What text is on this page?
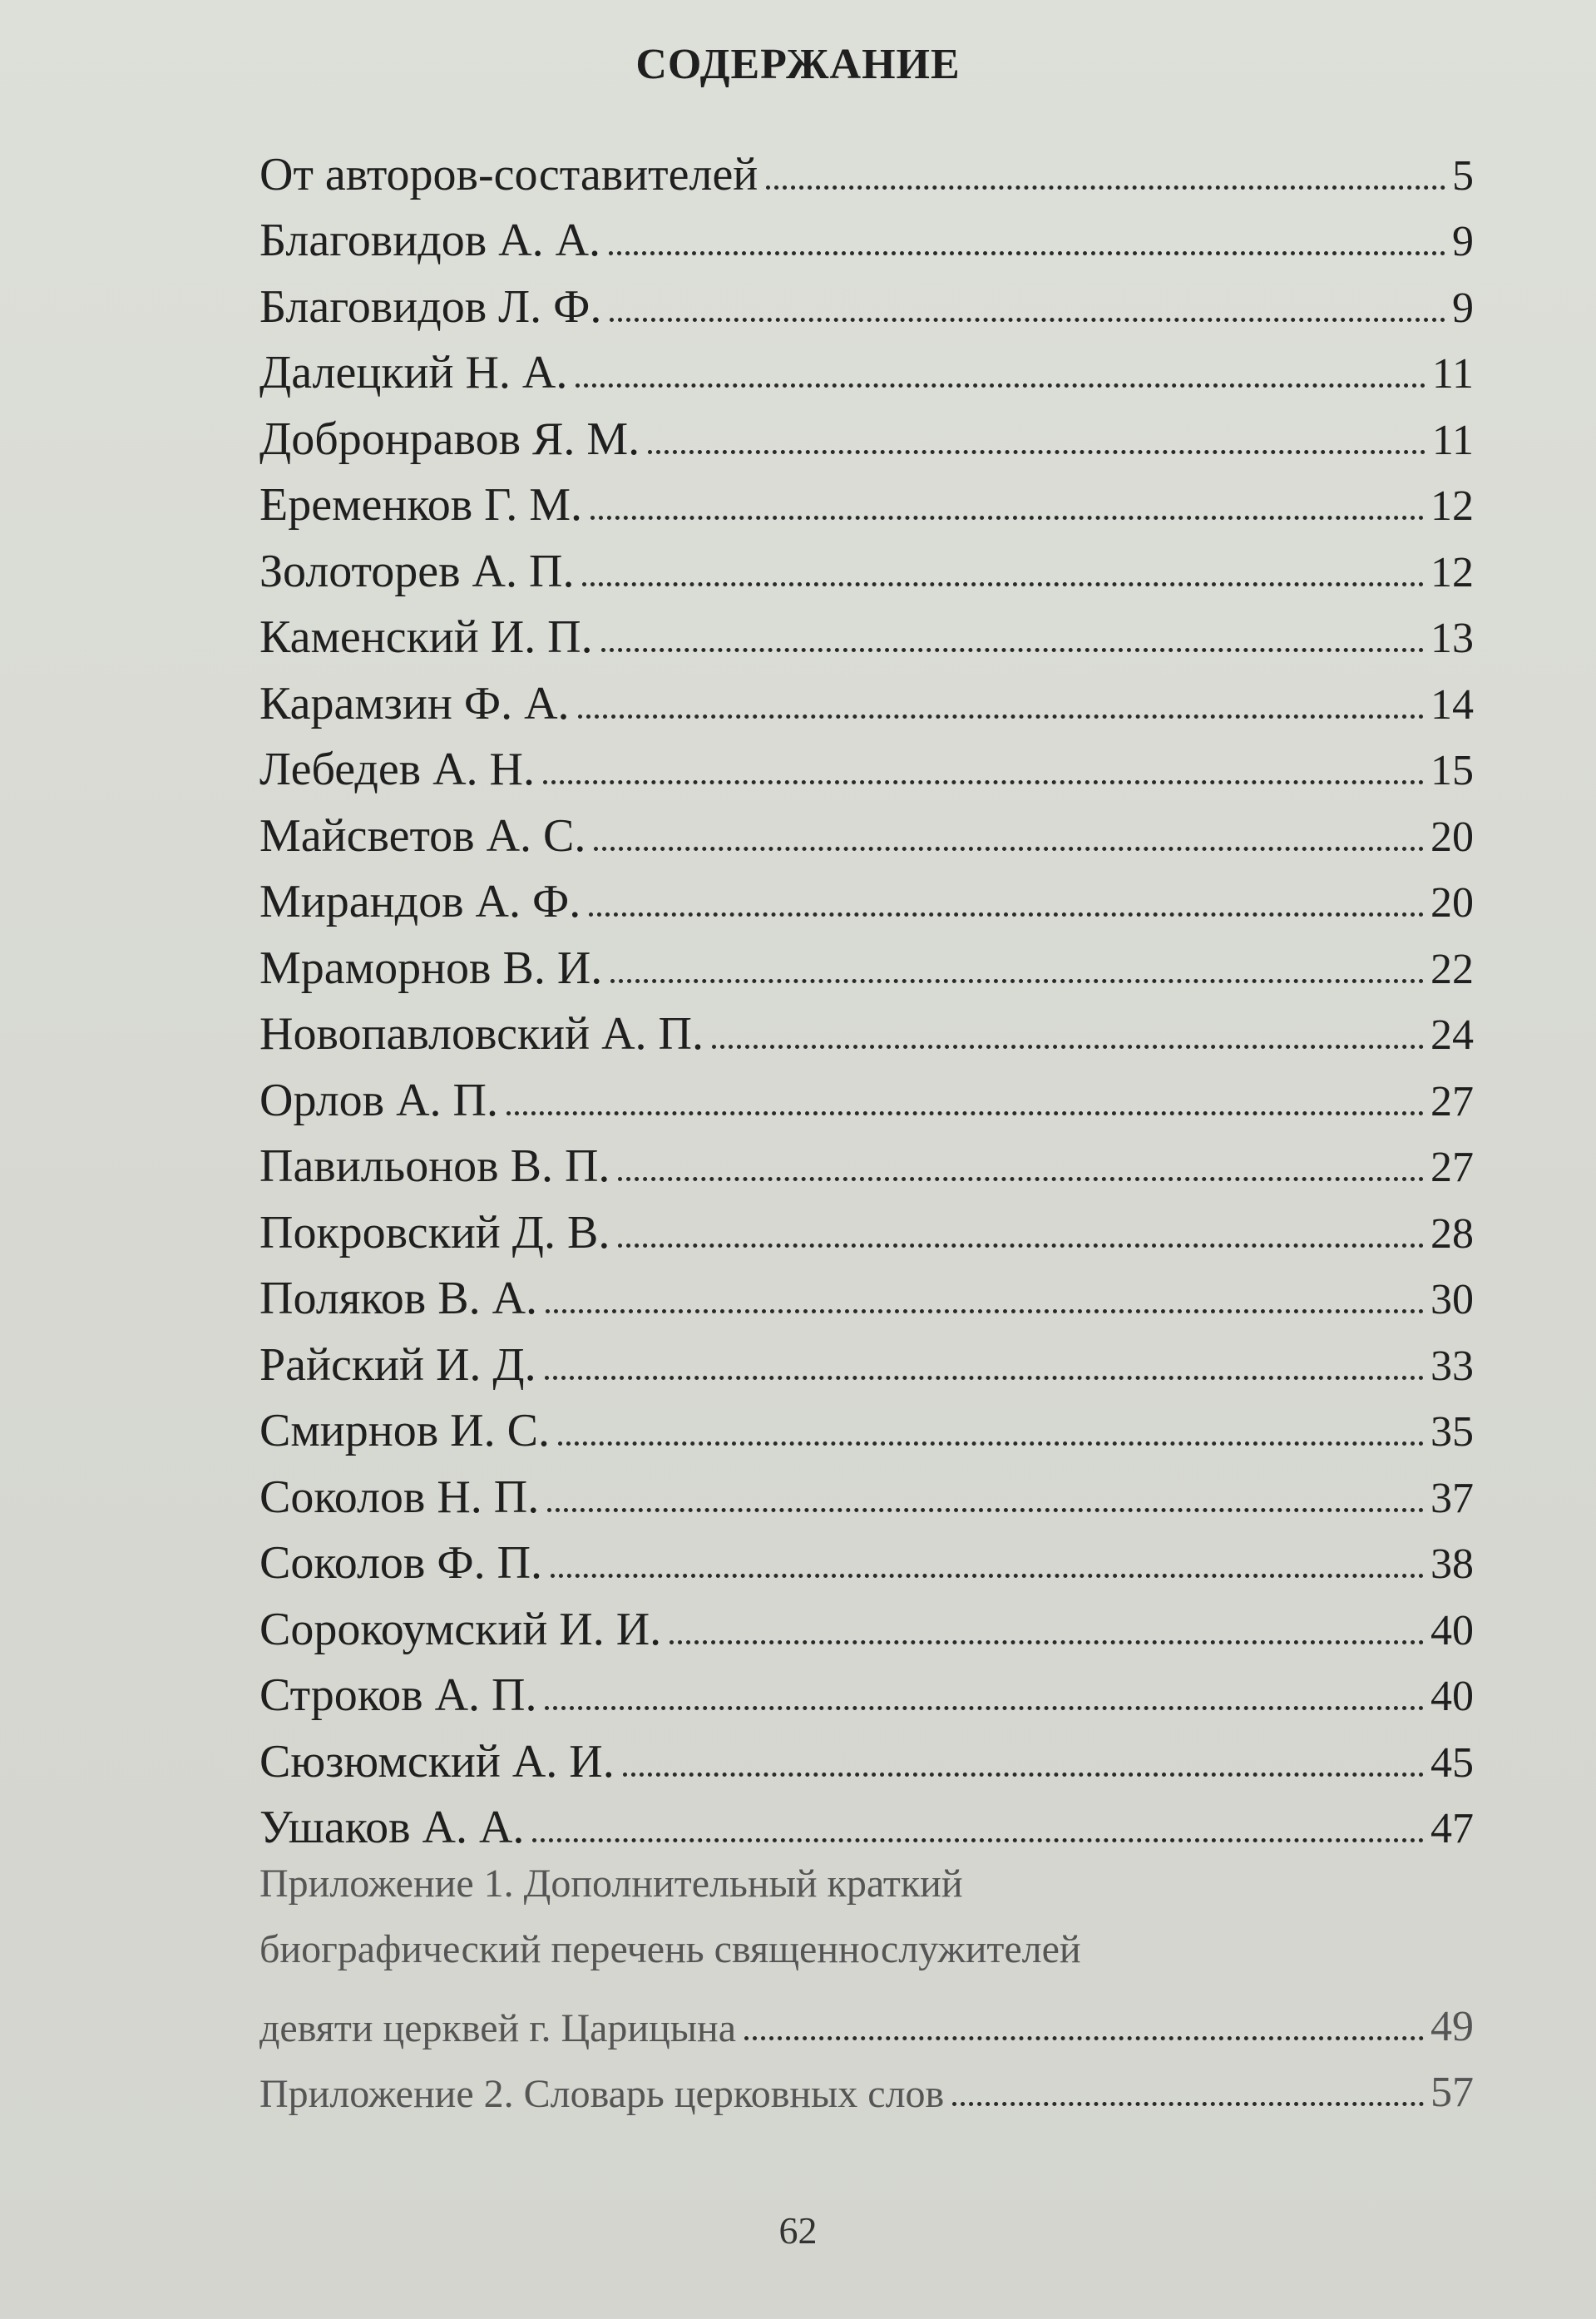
СОДЕРЖАНИЕ
От авторов-составителей	5
Благовидов А. А.	9
Благовидов Л. Ф.	9
Далецкий Н. А.	11
Добронравов Я. М.	11
Еременков Г. М.	12
Золоторев А. П.	12
Каменский И. П.	13
Карамзин Ф. А.	14
Лебедев А. Н.	15
Майсветов А. С.	20
Мирандов А. Ф.	20
Мраморнов В. И.	22
Новопавловский А. П.	24
Орлов А. П.	27
Павильонов В. П.	27
Покровский Д. В.	28
Поляков В. А.	30
Райский И. Д.	33
Смирнов И. С.	35
Соколов Н. П.	37
Соколов Ф. П.	38
Сорокоумский И. И.	40
Строков А. П.	40
Сюзюмский А. И.	45
Ушаков А. А.	47
Приложение 1. Дополнительный краткий
биографический перечень священнослужителей
девяти церквей г. Царицына	49
Приложение 2. Словарь церковных слов	57
62
